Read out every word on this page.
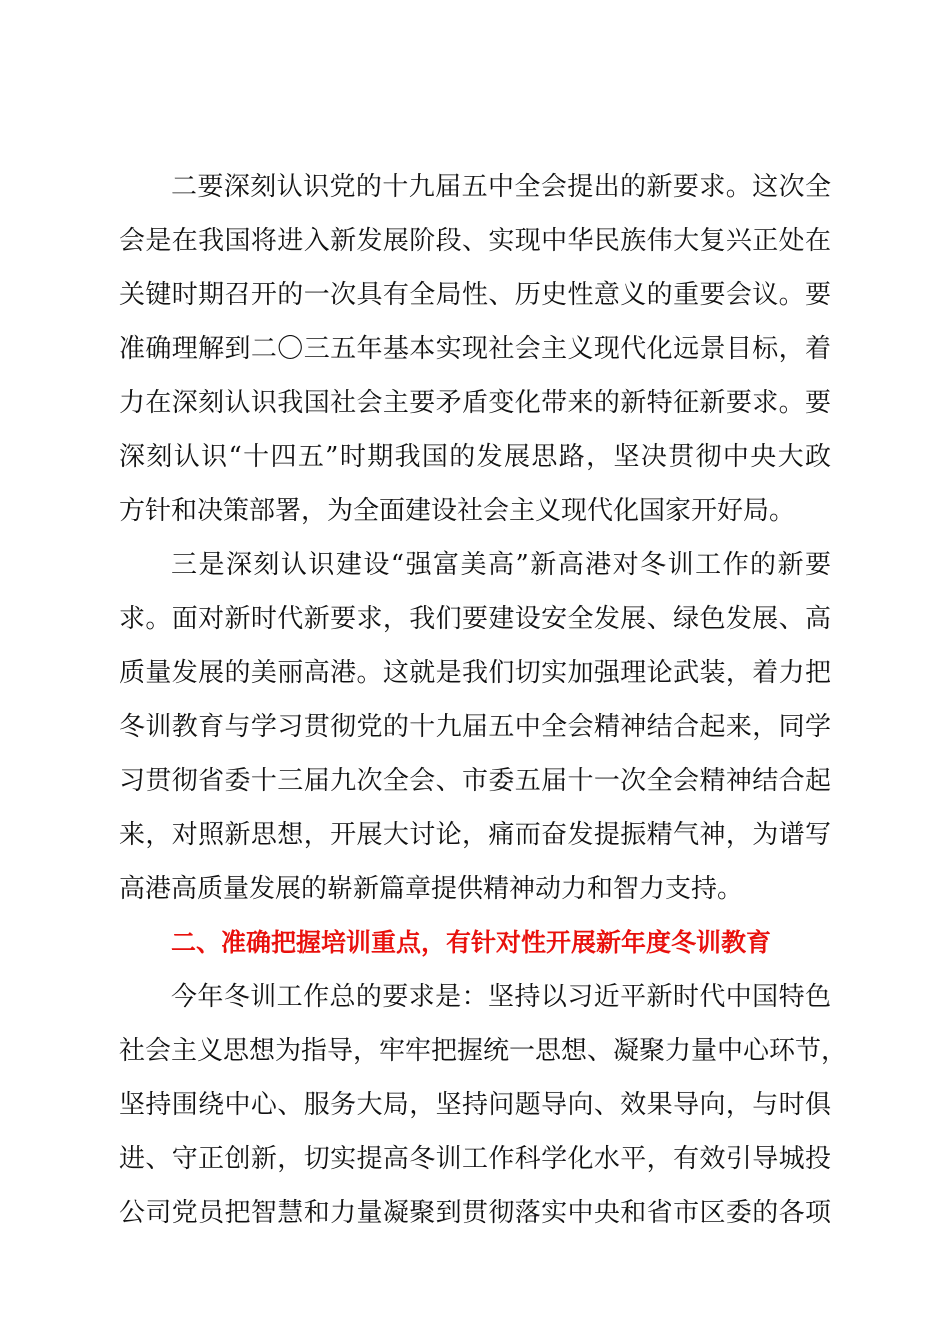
二要深刻认识党的十九届五中全会提出的新要求。这次全
会是在我国将进入新发展阶段、实现中华民族伟大复兴正处在
关键时期召开的一次具有全局性、历史性意义的重要会议。要
准确理解到二〇三五年基本实现社会主义现代化远景目标，着
力在深刻认识我国社会主要矛盾变化带来的新特征新要求。要
深刻认识“十四五”时期我国的发展思路，坚决贯彻中央大政
方针和决策部署，为全面建设社会主义现代化国家开好局。
三是深刻认识建设“强富美高”新高港对冬训工作的新要
求。面对新时代新要求，我们要建设安全发展、绿色发展、高
质量发展的美丽高港。这就是我们切实加强理论武装，着力把
冬训教育与学习贯彻党的十九届五中全会精神结合起来，同学
习贯彻省委十三届九次全会、市委五届十一次全会精神结合起
来，对照新思想，开展大讨论，痛而奋发提振精气神，为谱写
高港高质量发展的崭新篇章提供精神动力和智力支持。
二、准确把握培训重点，有针对性开展新年度冬训教育
今年冬训工作总的要求是：坚持以习近平新时代中国特色
社会主义思想为指导，牢牢把握统一思想、凝聚力量中心环节，
坚持围绕中心、服务大局，坚持问题导向、效果导向，与时俱
进、守正创新，切实提高冬训工作科学化水平，有效引导城投
公司党员把智慧和力量凝聚到贯彻落实中央和省市区委的各项
